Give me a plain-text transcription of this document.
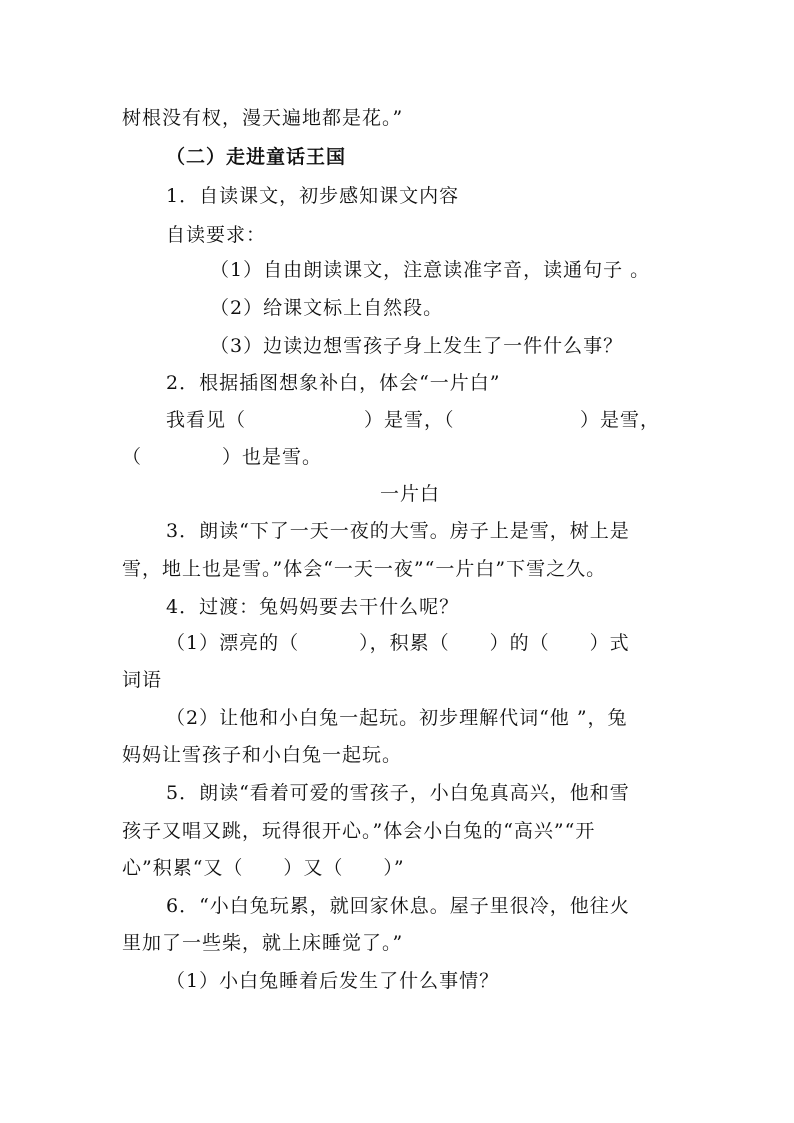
树根没有杈，漫天遍地都是花。”
（二）走进童话王国
1．自读课文，初步感知课文内容
自读要求：
（1）自由朗读课文，注意读准字音，读通句子 。
（2）给课文标上自然段。
（3）边读边想雪孩子身上发生了一件什么事？
2．根据插图想象补白，体会“一片白”
我看见（	）是雪，（	）是雪，
（　　　　）也是雪。
一片白
3．朗读“下了一天一夜的大雪。房子上是雪，树上是
雪，地上也是雪。”体会“一天一夜”“一片白”下雪之久。
4．过渡：兔妈妈要去干什么呢？
（1）漂亮的（　　　），积累（　　）的（　　）式
词语
（2）让他和小白兔一起玩。初步理解代词“他 ”，兔
妈妈让雪孩子和小白兔一起玩。
5．朗读“看着可爱的雪孩子，小白兔真高兴，他和雪
孩子又唱又跳，玩得很开心。”体会小白兔的“高兴”“开
心”积累“又（　　）又（　　）”
6．“小白兔玩累，就回家休息。屋子里很冷，他往火
里加了一些柴，就上床睡觉了。”
（1）小白兔睡着后发生了什么事情？
